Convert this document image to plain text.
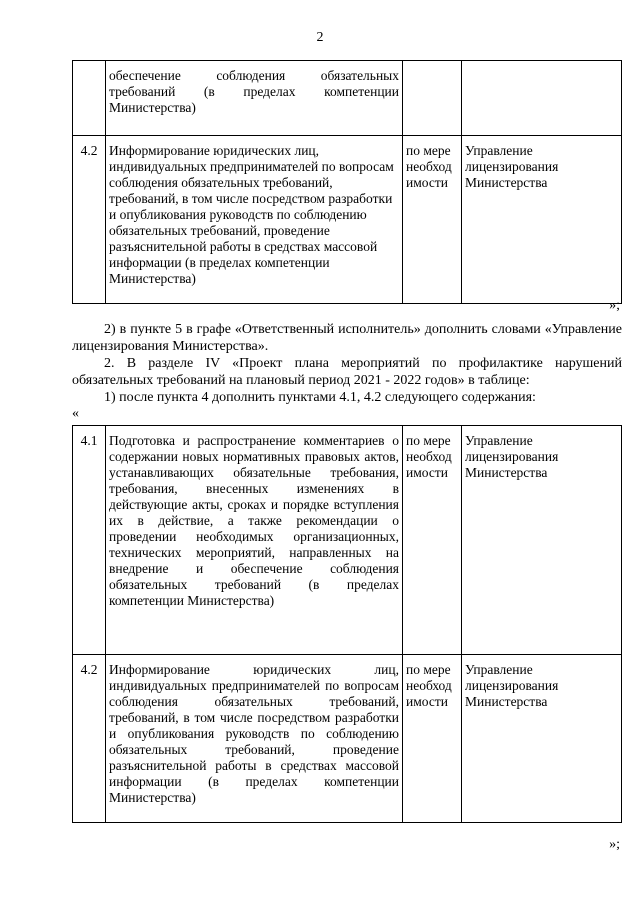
2
	обеспечение соблюдения обязательных требований (в пределах компетенции Министерства)		
4.2	Информирование юридических лиц, индивидуальных предпринимателей по вопросам соблюдения обязательных требований, требований, в том числе посредством разработки и опубликования руководств по соблюдению обязательных требований, проведение разъяснительной работы в средствах массовой информации (в пределах компетенции Министерства)	по мере необходимости	Управление лицензирования Министерства
»;
2) в пункте 5 в графе «Ответственный исполнитель» дополнить словами «Управление лицензирования Министерства».
2. В разделе IV «Проект плана мероприятий по профилактике нарушений обязательных требований на плановый период 2021 - 2022 годов» в таблице:
1) после пункта 4 дополнить пунктами 4.1, 4.2 следующего содержания:
«
4.1	Подготовка и распространение комментариев о содержании новых нормативных правовых актов, устанавливающих обязательные требования, требования, внесенных изменениях в действующие акты, сроках и порядке вступления их в действие, а также рекомендации о проведении необходимых организационных, технических мероприятий, направленных на внедрение и обеспечение соблюдения обязательных требований (в пределах компетенции Министерства)	по мере необходимости	Управление лицензирования Министерства
4.2	Информирование юридических лиц, индивидуальных предпринимателей по вопросам соблюдения обязательных требований, требований, в том числе посредством разработки и опубликования руководств по соблюдению обязательных требований, проведение разъяснительной работы в средствах массовой информации (в пределах компетенции Министерства)	по мере необходимости	Управление лицензирования Министерства
»;
